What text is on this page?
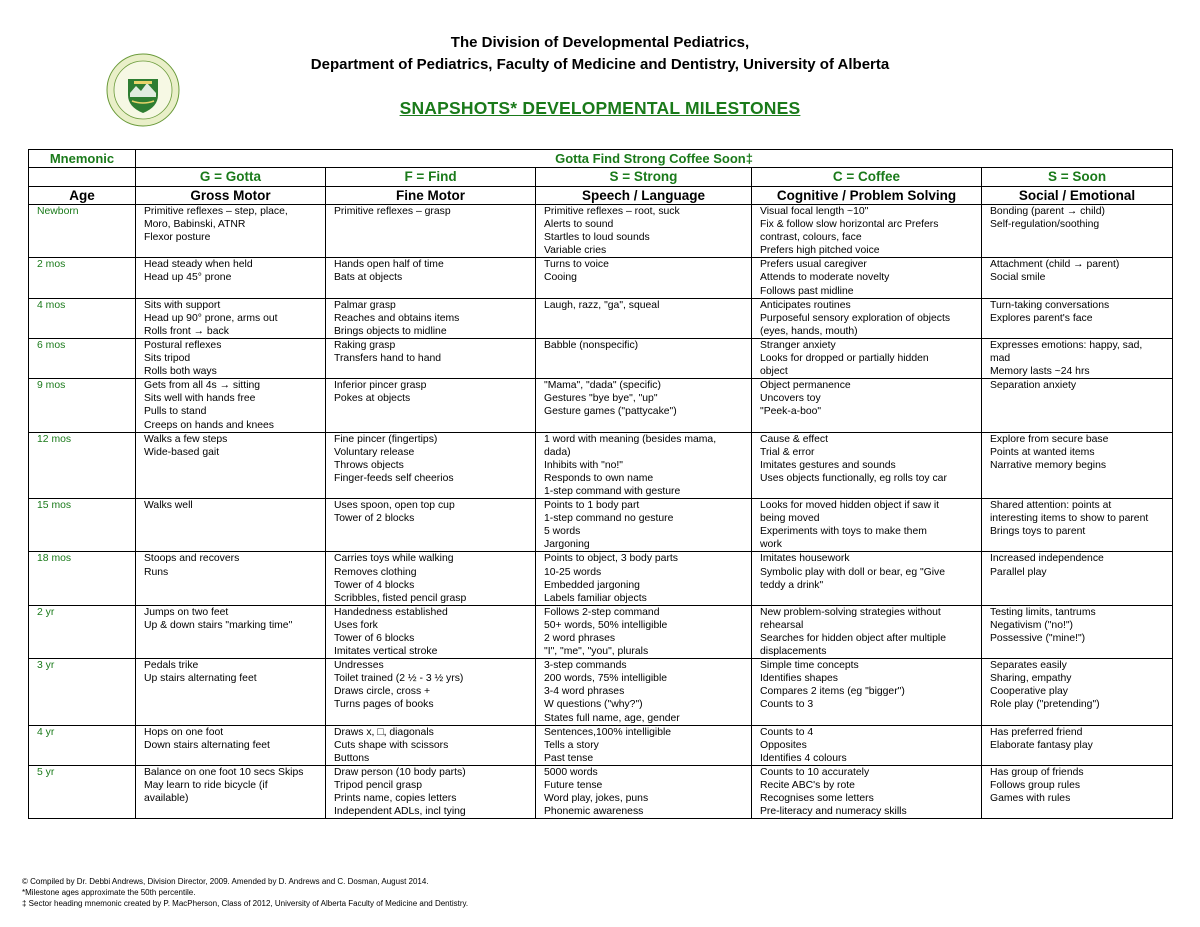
The Division of Developmental Pediatrics,
Department of Pediatrics, Faculty of Medicine and Dentistry, University of Alberta
SNAPSHOTS* DEVELOPMENTAL MILESTONES
Mnemonic	Gotta Find Strong Coffee Soon‡				
	G = Gotta	F = Find	S = Strong	C = Coffee	S = Soon
Age	Gross Motor	Fine Motor	Speech / Language	Cognitive / Problem Solving	Social / Emotional
Newborn	Primitive reflexes – step, place,
Moro, Babinski, ATNR
Flexor posture	Primitive reflexes – grasp	Primitive reflexes – root, suck
Alerts to sound
Startles to loud sounds
Variable cries	Visual focal length ~10"
Fix & follow slow horizontal arc Prefers
contrast, colours, face
Prefers high pitched voice	Bonding (parent → child)
Self-regulation/soothing

2 mos	Head steady when held
Head up 45° prone	Hands open half of time
Bats at objects	Turns to voice
Cooing	Prefers usual caregiver
Attends to moderate novelty
Follows past midline	Attachment (child → parent)
Social smile

4 mos	Sits with support
Head up 90° prone, arms out
Rolls front → back	Palmar grasp
Reaches and obtains items
Brings objects to midline	Laugh, razz, "ga", squeal	Anticipates routines
Purposeful sensory exploration of objects
(eyes, hands, mouth)	Turn-taking conversations
Explores parent's face

6 mos	Postural reflexes
Sits tripod
Rolls both ways	Raking grasp
Transfers hand to hand	Babble (nonspecific)	Stranger anxiety
Looks for dropped or partially hidden
object	Expresses emotions: happy, sad,
mad
Memory lasts ~24 hrs

9 mos	Gets from all 4s → sitting
Sits well with hands free
Pulls to stand
Creeps on hands and knees	Inferior pincer grasp
Pokes at objects	"Mama", "dada" (specific)
Gestures "bye bye", "up"
Gesture games ("pattycake")	Object permanence
Uncovers toy
"Peek-a-boo"	Separation anxiety

12 mos	Walks a few steps
Wide-based gait	Fine pincer (fingertips)
Voluntary release
Throws objects
Finger-feeds self cheerios	1 word with meaning (besides mama,
dada)
Inhibits with "no!"
Responds to own name
1-step command with gesture	Cause & effect
Trial & error
Imitates gestures and sounds
Uses objects functionally, eg rolls toy car	Explore from secure base
Points at wanted items
Narrative memory begins

15 mos	Walks well	Uses spoon, open top cup
Tower of 2 blocks	Points to 1 body part
1-step command no gesture
5 words
Jargoning	Looks for moved hidden object if saw it
being moved
Experiments with toys to make them
work	Shared attention: points at
interesting items to show to parent
Brings toys to parent

18 mos	Stoops and recovers
Runs	Carries toys while walking
Removes clothing
Tower of 4 blocks
Scribbles, fisted pencil grasp	Points to object, 3 body parts
10-25 words
Embedded jargoning
Labels familiar objects	Imitates housework
Symbolic play with doll or bear, eg "Give
teddy a drink"	Increased independence
Parallel play

2 yr	Jumps on two feet
Up & down stairs "marking time"	Handedness established
Uses fork
Tower of 6 blocks
Imitates vertical stroke	Follows 2-step command
50+ words, 50% intelligible
2 word phrases
"I", "me", "you", plurals	New problem-solving strategies without
rehearsal
Searches for hidden object after multiple
displacements	Testing limits, tantrums
Negativism ("no!")
Possessive ("mine!")

3 yr	Pedals trike
Up stairs alternating feet	Undresses
Toilet trained (2 ½ - 3 ½ yrs)
Draws circle, cross +
Turns pages of books	3-step commands
200 words, 75% intelligible
3-4 word phrases
W questions ("why?")
States full name, age, gender	Simple time concepts
Identifies shapes
Compares 2 items (eg "bigger")
Counts to 3	Separates easily
Sharing, empathy
Cooperative play
Role play ("pretending")

4 yr	Hops on one foot
Down stairs alternating feet	Draws x, □, diagonals
Cuts shape with scissors
Buttons	Sentences,100% intelligible
Tells a story
Past tense	Counts to 4
Opposites
Identifies 4 colours	Has preferred friend
Elaborate fantasy play

5 yr	Balance on one foot 10 secs Skips
May learn to ride bicycle (if
available)	Draw person (10 body parts)
Tripod pencil grasp
Prints name, copies letters
Independent ADLs, incl tying	5000 words
Future tense
Word play, jokes, puns
Phonemic awareness	Counts to 10 accurately
Recite ABC's by rote
Recognises some letters
Pre-literacy and numeracy skills	Has group of friends
Follows group rules
Games with rules
© Compiled by Dr. Debbi Andrews, Division Director, 2009. Amended by D. Andrews and C. Dosman, August 2014.
*Milestone ages approximate the 50th percentile.
‡ Sector heading mnemonic created by P. MacPherson, Class of 2012, University of Alberta Faculty of Medicine and Dentistry.
